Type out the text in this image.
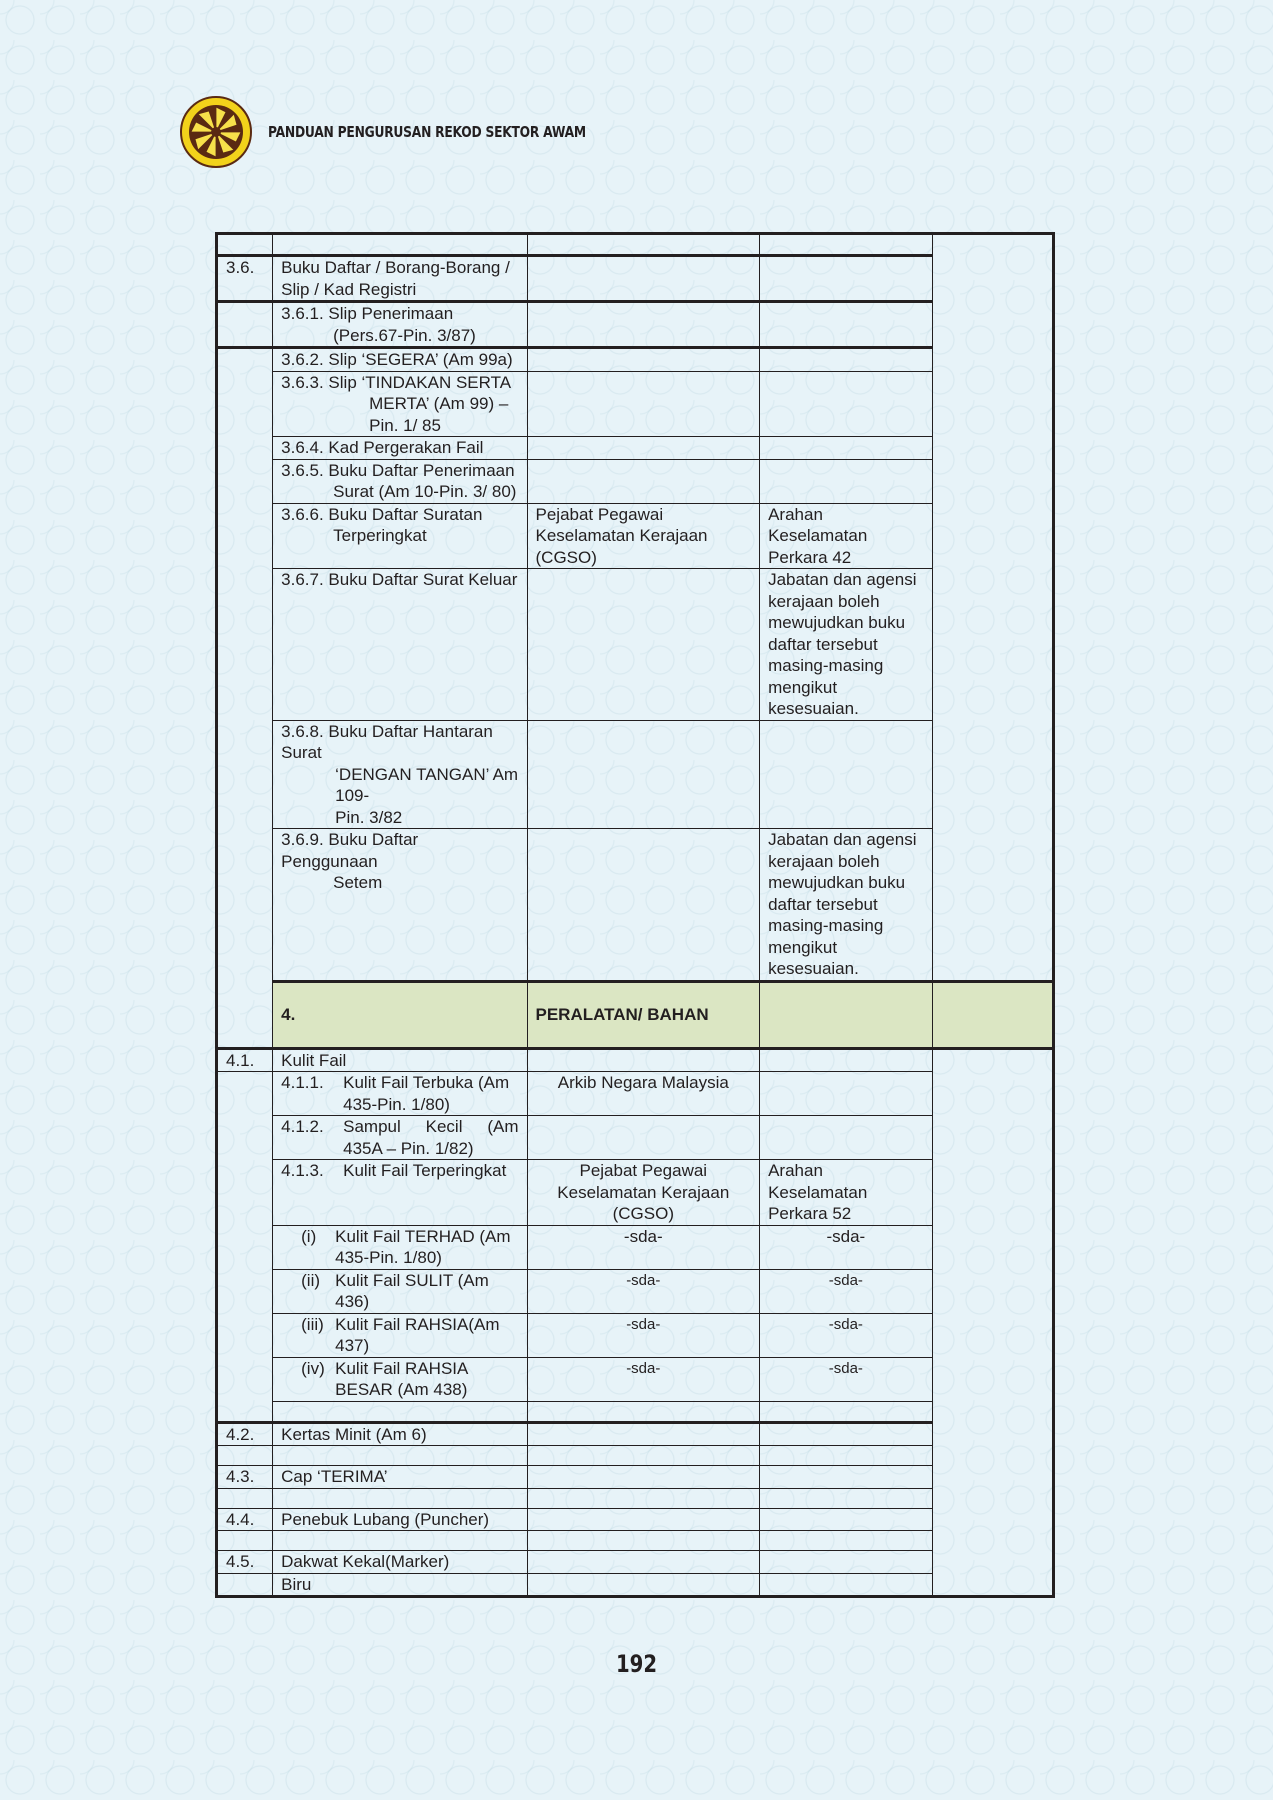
PANDUAN PENGURUSAN REKOD SEKTOR AWAM

3.6.	Buku Daftar / Borang-Borang / Slip / Kad Registri			

	3.6.1. Slip Penerimaan (Pers.67-Pin. 3/87)			

	3.6.2. Slip ‘SEGERA’ (Am 99a)			
	3.6.3. Slip ‘TINDAKAN SERTA
MERTA’ (Am 99) – Pin. 1/ 85			

	3.6.4. Kad Pergerakan Fail			
	3.6.5. Buku Daftar Penerimaan
Surat (Am 10-Pin. 3/ 80)			

	3.6.6. Buku Daftar Suratan
Terperingkat	Pejabat Pegawai Keselamatan Kerajaan (CGSO)	Arahan Keselamatan Perkara 42	
	3.6.7. Buku Daftar Surat Keluar		Jabatan dan agensi kerajaan boleh mewujudkan buku daftar tersebut masing-masing mengikut kesesuaian.	
	3.6.8. Buku Daftar Hantaran Surat
‘DENGAN TANGAN’ Am 109-
Pin. 3/82			

	3.6.9. Buku Daftar Penggunaan
Setem		Jabatan dan agensi kerajaan boleh mewujudkan buku daftar tersebut masing-masing mengikut kesesuaian.	
	4.	PERALATAN/ BAHAN		
4.1.	Kulit Fail			

	4.1.1. Kulit Fail Terbuka (Am 435-Pin. 1/80)	Arkib Negara Malaysia		

	4.1.2. Sampul Kecil (Am 435A – Pin. 1/82)			

	4.1.3. Kulit Fail Terperingkat	Pejabat Pegawai Keselamatan Kerajaan (CGSO)	Arahan Keselamatan Perkara 52	

	(i) Kulit Fail TERHAD (Am 435-Pin. 1/80)	-sda-	-sda-	

	(ii) Kulit Fail SULIT (Am 436)	-sda-	-sda-	

	(iii) Kulit Fail RAHSIA(Am 437)	-sda-	-sda-	

	(iv) Kulit Fail RAHSIA BESAR (Am 438)	-sda-	-sda-	

4.2.	Kertas Minit (Am 6)			

4.3.	Cap ‘TERIMA’			

4.4.	Penebuk Lubang (Puncher)			

4.5.	Dakwat Kekal(Marker)			
	Biru			
192
